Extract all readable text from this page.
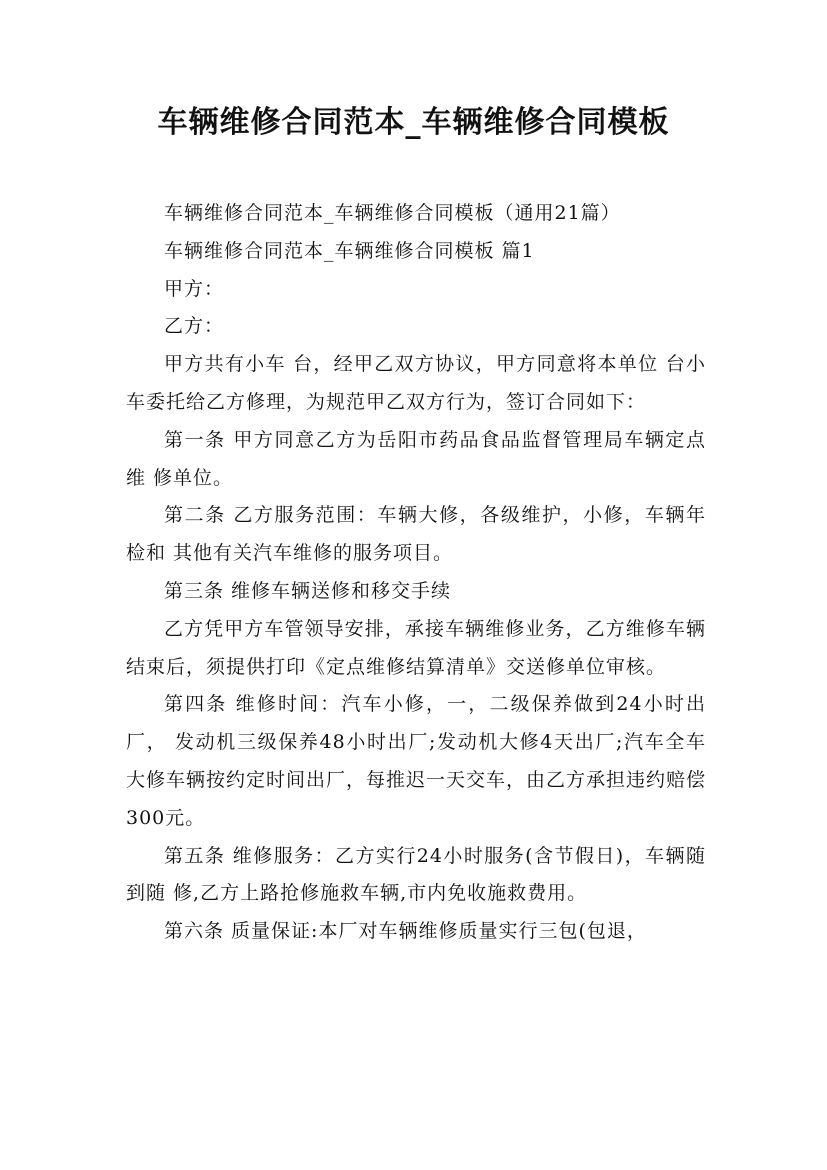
车辆维修合同范本_车辆维修合同模板

车辆维修合同范本_车辆维修合同模板（通用21篇）

车辆维修合同范本_车辆维修合同模板 篇1

甲方：

乙方：

甲方共有小车 台，经甲乙双方协议，甲方同意将本单位 台小车委托给乙方修理，为规范甲乙双方行为，签订合同如下：

第一条 甲方同意乙方为岳阳市药品食品监督管理局车辆定点维 修单位。

第二条 乙方服务范围：车辆大修，各级维护，小修，车辆年检和 其他有关汽车维修的服务项目。

第三条 维修车辆送修和移交手续

乙方凭甲方车管领导安排，承接车辆维修业务，乙方维修车辆结束后，须提供打印《定点维修结算清单》交送修单位审核。

第四条 维修时间：汽车小修，一，二级保养做到24小时出厂， 发动机三级保养48小时出厂;发动机大修4天出厂;汽车全车大修车辆按约定时间出厂，每推迟一天交车，由乙方承担违约赔偿300元。

第五条 维修服务：乙方实行24小时服务(含节假日)，车辆随到随 修,乙方上路抢修施救车辆,市内免收施救费用。

第六条 质量保证:本厂对车辆维修质量实行三包(包退，
